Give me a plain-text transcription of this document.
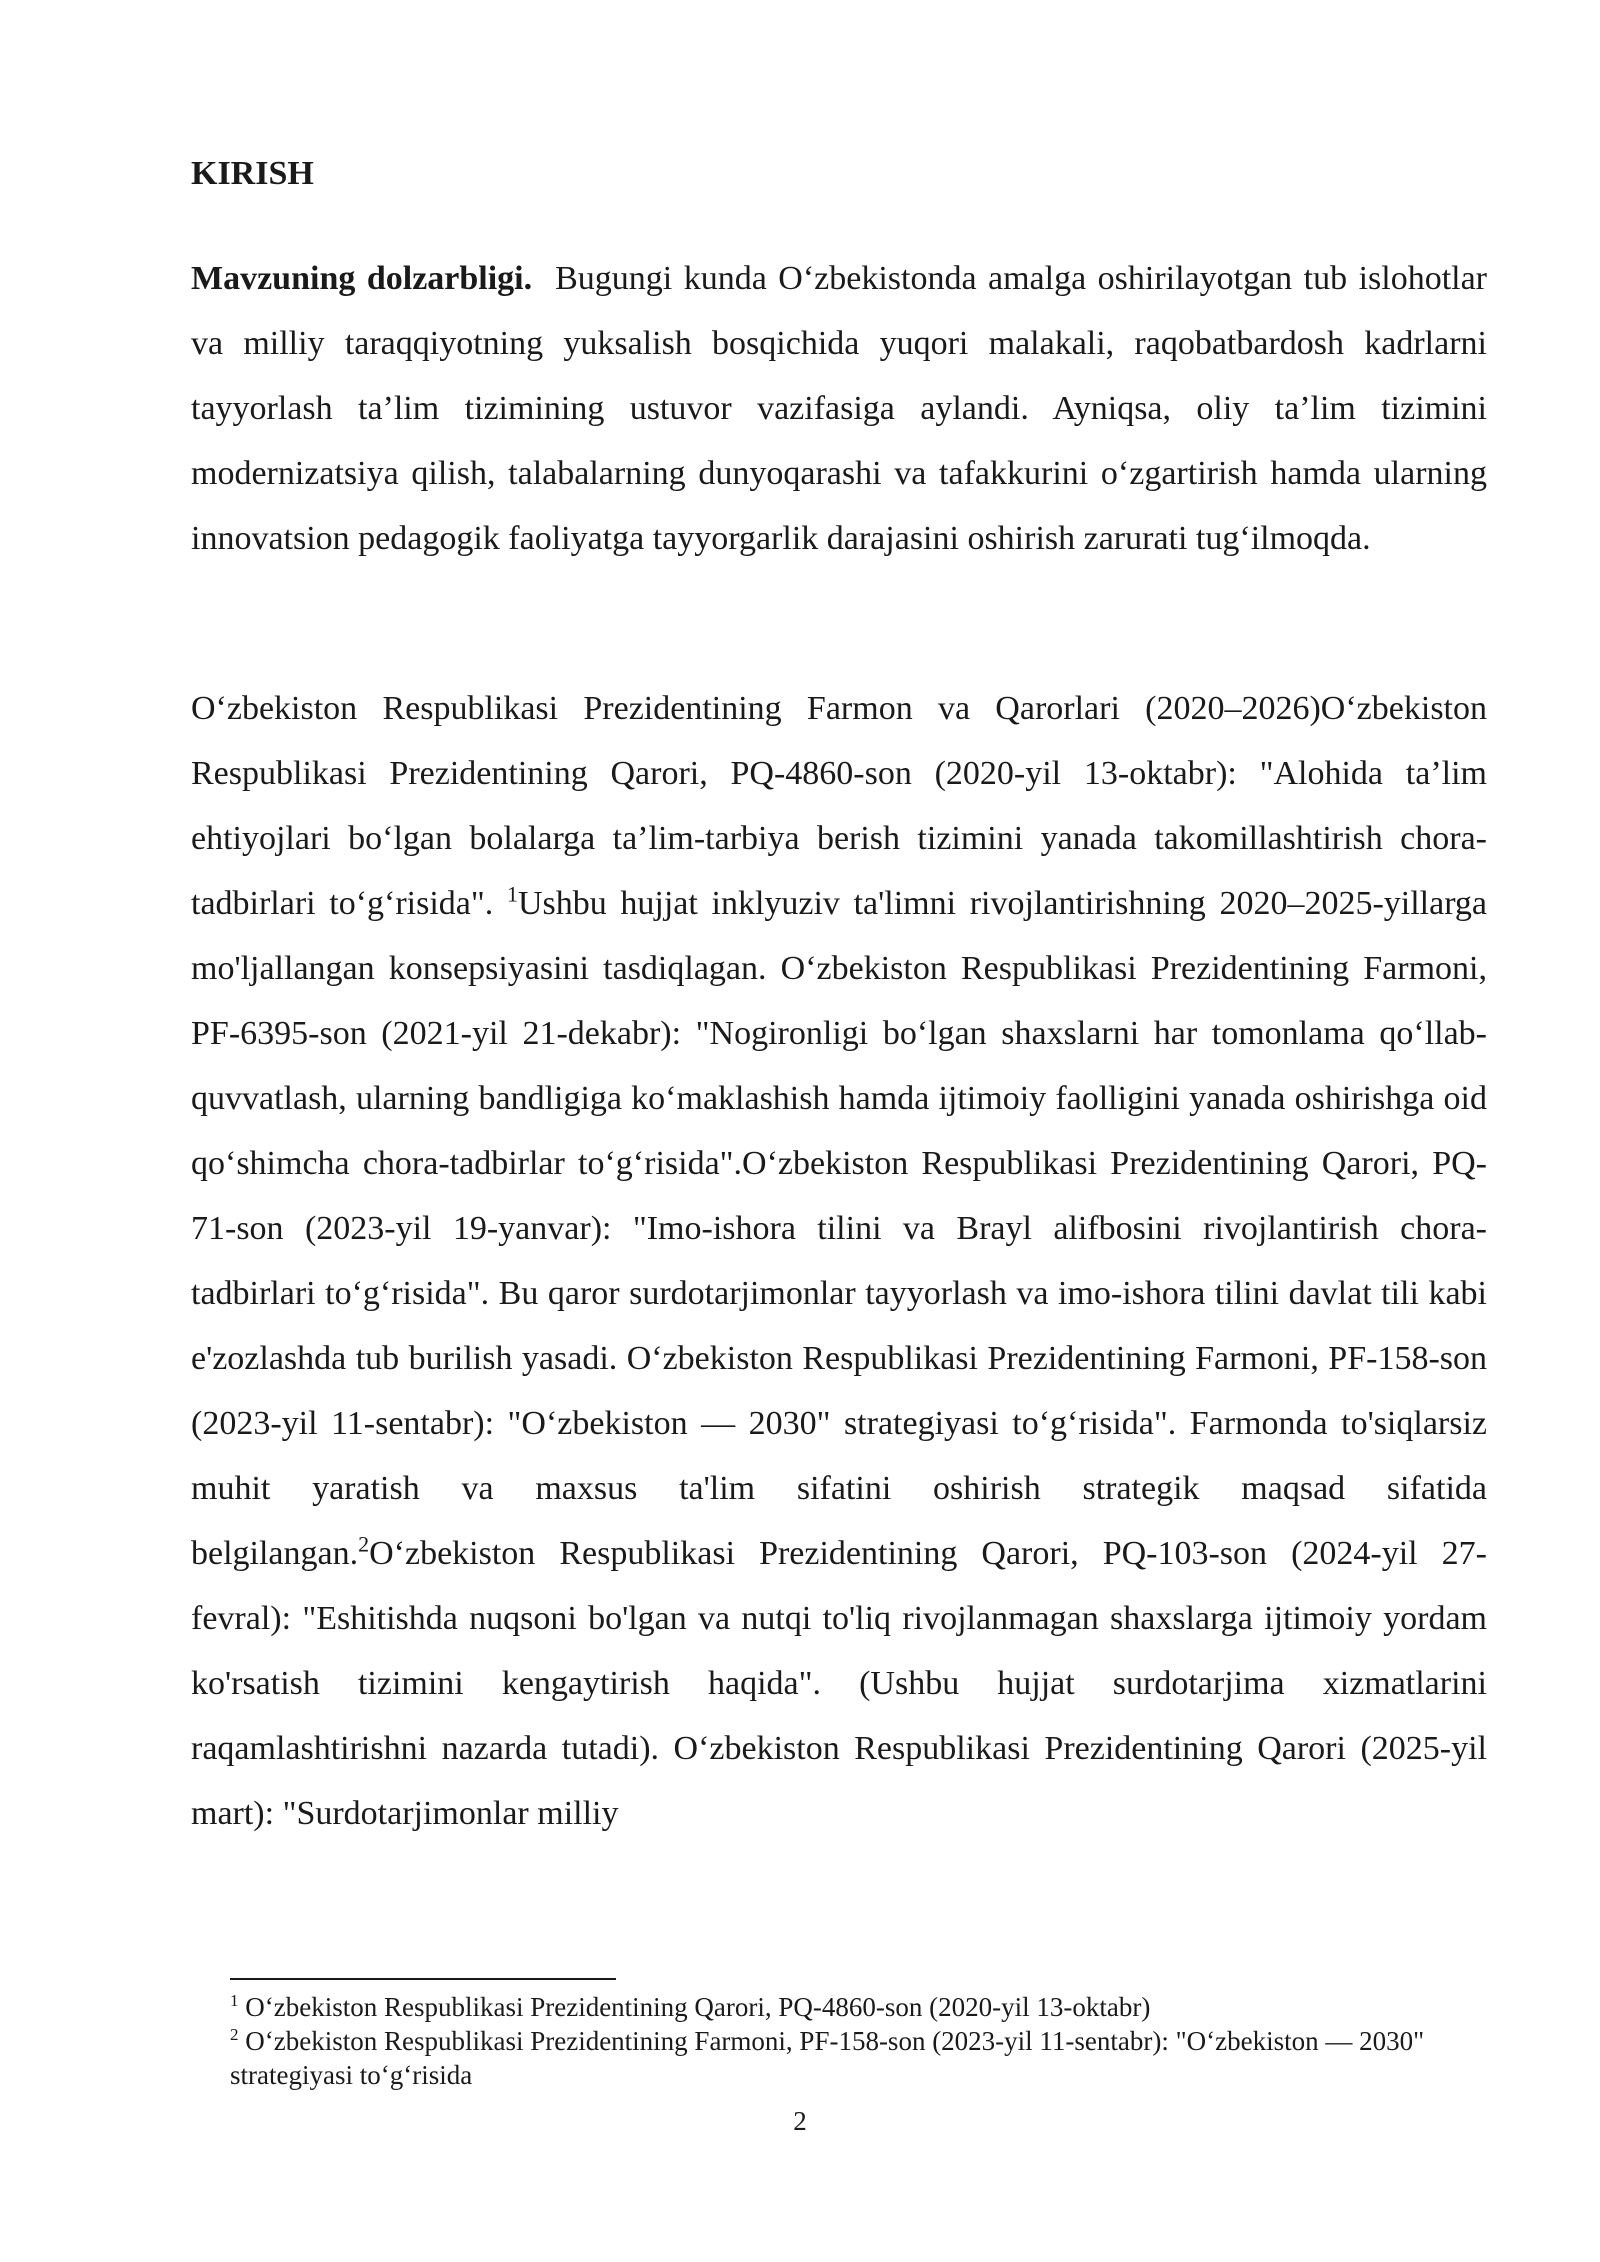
KIRISH

Mavzuning dolzarbligi. Bugungi kunda O‘zbekistonda amalga oshirilayotgan tub islohotlar va milliy taraqqiyotning yuksalish bosqichida yuqori malakali, raqobatbardosh kadrlarni tayyorlash ta’lim tizimining ustuvor vazifasiga aylandi. Ayniqsa, oliy ta’lim tizimini modernizatsiya qilish, talabalarning dunyoqarashi va tafakkurini o‘zgartirish hamda ularning innovatsion pedagogik faoliyatga tayyorgarlik darajasini oshirish zarurati tug‘ilmoqda.

O‘zbekiston Respublikasi Prezidentining Farmon va Qarorlari (2020–2026)O‘zbekiston Respublikasi Prezidentining Qarori, PQ-4860-son (2020-yil 13-oktabr): "Alohida ta’lim ehtiyojlari bo‘lgan bolalarga ta’lim-tarbiya berish tizimini yanada takomillashtirish chora-tadbirlari to‘g‘risida". $^1$Ushbu hujjat inklyuziv ta'limni rivojlantirishning 2020–2025-yillarga mo'ljallangan konsepsiyasini tasdiqlagan. O‘zbekiston Respublikasi Prezidentining Farmoni, PF-6395-son (2021-yil 21-dekabr): "Nogironligi bo‘lgan shaxslarni har tomonlama qo‘llab-quvvatlash, ularning bandligiga ko‘maklashish hamda ijtimoiy faolligini yanada oshirishga oid qo‘shimcha chora-tadbirlar to‘g‘risida".O‘zbekiston Respublikasi Prezidentining Qarori, PQ-71-son (2023-yil 19-yanvar): "Imo-ishora tilini va Brayl alifbosini rivojlantirish chora-tadbirlari to‘g‘risida". Bu qaror surdotarjimonlar tayyorlash va imo-ishora tilini davlat tili kabi e'zozlashda tub burilish yasadi. O‘zbekiston Respublikasi Prezidentining Farmoni, PF-158-son (2023-yil 11-sentabr): "O‘zbekiston — 2030" strategiyasi to‘g‘risida". Farmonda to'siqlarsiz muhit yaratish va maxsus ta'lim sifatini oshirish strategik maqsad sifatida belgilangan.$^2$O‘zbekiston Respublikasi Prezidentining Qarori, PQ-103-son (2024-yil 27-fevral): "Eshitishda nuqsoni bo'lgan va nutqi to'liq rivojlanmagan shaxslarga ijtimoiy yordam ko'rsatish tizimini kengaytirish haqida". (Ushbu hujjat surdotarjima xizmatlarini raqamlashtirishni nazarda tutadi). O‘zbekiston Respublikasi Prezidentining Qarori (2025-yil mart): "Surdotarjimonlar milliy

$^1$ O‘zbekiston Respublikasi Prezidentining Qarori, PQ-4860-son (2020-yil 13-oktabr)

$^2$ O‘zbekiston Respublikasi Prezidentining Farmoni, PF-158-son (2023-yil 11-sentabr): "O‘zbekiston — 2030" strategiyasi to‘g‘risida

2
